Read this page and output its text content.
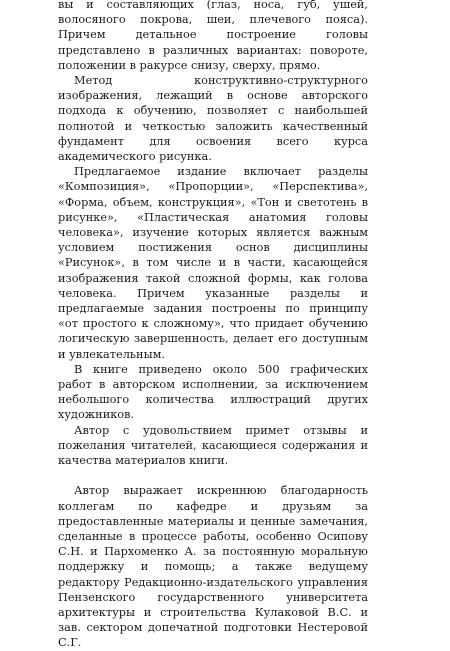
вы и составляющих (глаз, носа, губ, ушей, волосяного покрова, шеи, плечевого пояса). Причем детальное построение головы представлено в различных вариантах: повороте, положении в ракурсе снизу, сверху, прямо.

Метод конструктивно-структурного изображения, лежащий в основе авторского подхода к обучению, позволяет с наибольшей полнотой и четкостью заложить качественный фундамент для освоения всего курса академического рисунка.

Предлагаемое издание включает разделы «Композиция», «Пропорции», «Перспектива», «Форма, объем, конструкция», «Тон и светотень в рисунке», «Пластическая анатомия головы человека», изучение которых является важным условием постижения основ дисциплины «Рисунок», в том числе и в части, касающейся изображения такой сложной формы, как голова человека. Причем указанные разделы и предлагаемые задания построены по принципу «от простого к сложному», что придает обучению логическую завершенность, делает его доступным и увлекательным.

В книге приведено около 500 графических работ в авторском исполнении, за исключением небольшого количества иллюстраций других художников.

Автор с удовольствием примет отзывы и пожелания читателей, касающиеся содержания и качества материалов книги.

Автор выражает искреннюю благодарность коллегам по кафедре и друзьям за предоставленные материалы и ценные замечания, сделанные в процессе работы, особенно Осипову С.Н. и Пархоменко А. за постоянную моральную поддержку и помощь; а также ведущему редактору Редакционно-издательского управления Пензенского государственного университета архитектуры и строительства Кулаковой В.С. и зав. сектором допечатной подготовки Нестеровой С.Г.
